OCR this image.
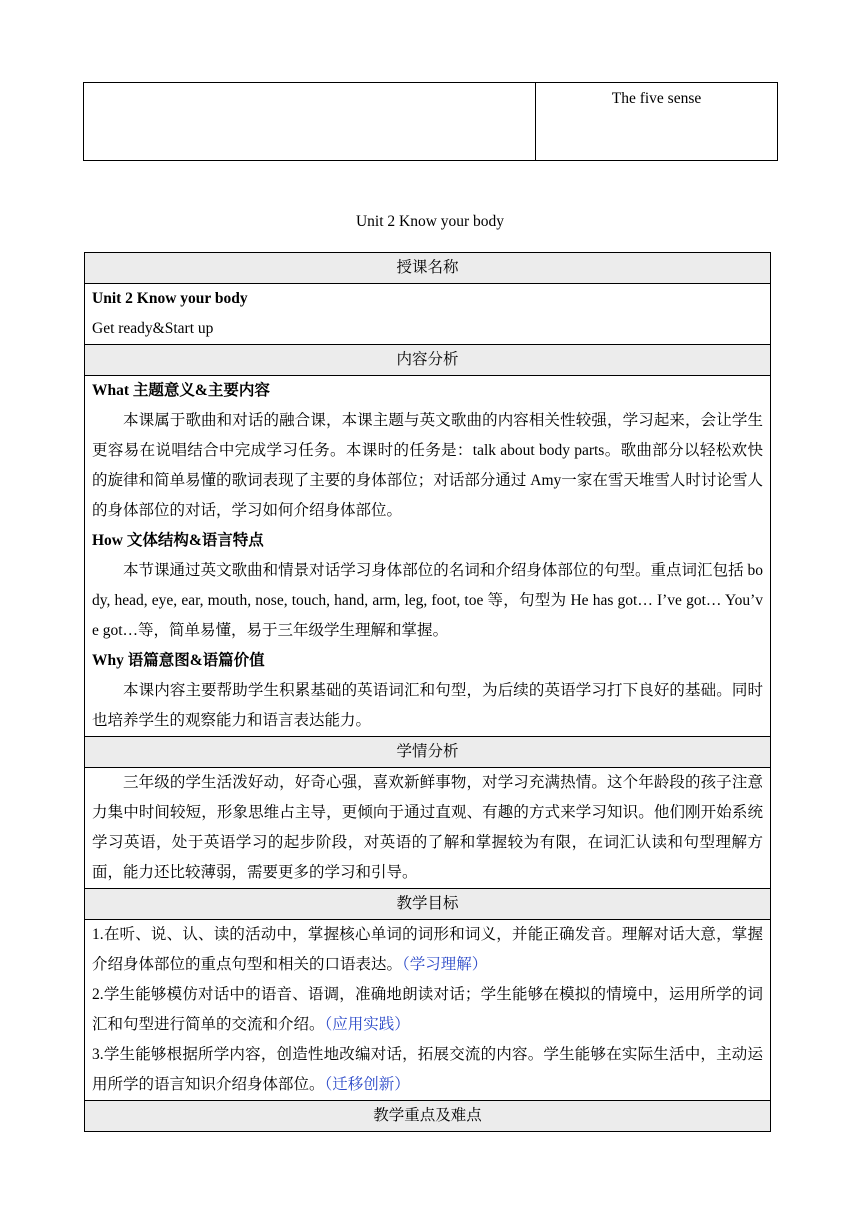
The five sense
Unit 2 Know your body
授课名称

Unit 2 Know your body
Get ready&Start up

内容分析

What 主题意义&主要内容
本课属于歌曲和对话的融合课，本课主题与英文歌曲的内容相关性较强，学习起来，会让学生更容易在说唱结合中完成学习任务。本课时的任务是：talk about body parts。歌曲部分以轻松欢快的旋律和简单易懂的歌词表现了主要的身体部位；对话部分通过 Amy一家在雪天堆雪人时讨论雪人的身体部位的对话，学习如何介绍身体部位。
How 文体结构&语言特点
本节课通过英文歌曲和情景对话学习身体部位的名词和介绍身体部位的句型。重点词汇包括 body, head, eye, ear, mouth, nose, touch, hand, arm, leg, foot, toe 等，句型为 He has got… I’ve got… You’ve got…等，简单易懂，易于三年级学生理解和掌握。
Why 语篇意图&语篇价值
本课内容主要帮助学生积累基础的英语词汇和句型，为后续的英语学习打下良好的基础。同时也培养学生的观察能力和语言表达能力。

学情分析

三年级的学生活泼好动，好奇心强，喜欢新鲜事物，对学习充满热情。这个年龄段的孩子注意力集中时间较短，形象思维占主导，更倾向于通过直观、有趣的方式来学习知识。他们刚开始系统学习英语，处于英语学习的起步阶段，对英语的了解和掌握较为有限，在词汇认读和句型理解方面，能力还比较薄弱，需要更多的学习和引导。

教学目标

1.在听、说、认、读的活动中，掌握核心单词的词形和词义，并能正确发音。理解对话大意，掌握介绍身体部位的重点句型和相关的口语表达。（学习理解）
2.学生能够模仿对话中的语音、语调，准确地朗读对话；学生能够在模拟的情境中，运用所学的词汇和句型进行简单的交流和介绍。（应用实践）
3.学生能够根据所学内容，创造性地改编对话，拓展交流的内容。学生能够在实际生活中，主动运用所学的语言知识介绍身体部位。（迁移创新）

教学重点及难点
